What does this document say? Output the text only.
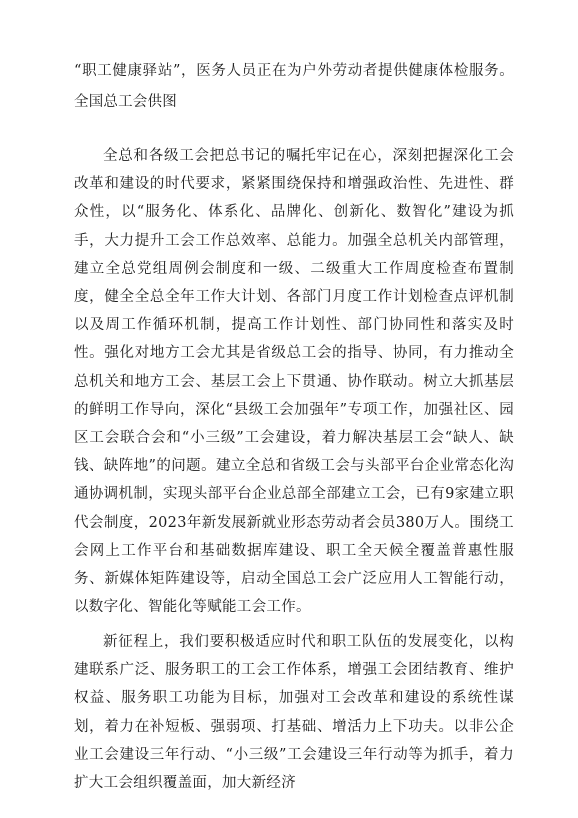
“职工健康驿站”，医务人员正在为户外劳动者提供健康体检服务。 全国总工会供图

全总和各级工会把总书记的嘱托牢记在心，深刻把握深化工会改革和建设的时代要求，紧紧围绕保持和增强政治性、先进性、群众性，以“服务化、体系化、品牌化、创新化、数智化”建设为抓手，大力提升工会工作总效率、总能力。加强全总机关内部管理，建立全总党组周例会制度和一级、二级重大工作周度检查布置制度，健全全总全年工作大计划、各部门月度工作计划检查点评机制以及周工作循环机制，提高工作计划性、部门协同性和落实及时性。强化对地方工会尤其是省级总工会的指导、协同，有力推动全总机关和地方工会、基层工会上下贯通、协作联动。树立大抓基层的鲜明工作导向，深化“县级工会加强年”专项工作，加强社区、园区工会联合会和“小三级”工会建设，着力解决基层工会“缺人、缺钱、缺阵地”的问题。建立全总和省级工会与头部平台企业常态化沟通协调机制，实现头部平台企业总部全部建立工会，已有9家建立职代会制度，2023年新发展新就业形态劳动者会员380万人。围绕工会网上工作平台和基础数据库建设、职工全天候全覆盖普惠性服务、新媒体矩阵建设等，启动全国总工会广泛应用人工智能行动，以数字化、智能化等赋能工会工作。

新征程上，我们要积极适应时代和职工队伍的发展变化，以构建联系广泛、服务职工的工会工作体系，增强工会团结教育、维护权益、服务职工功能为目标，加强对工会改革和建设的系统性谋划，着力在补短板、强弱项、打基础、增活力上下功夫。以非公企业工会建设三年行动、“小三级”工会建设三年行动等为抓手，着力扩大工会组织覆盖面，加大新经济
